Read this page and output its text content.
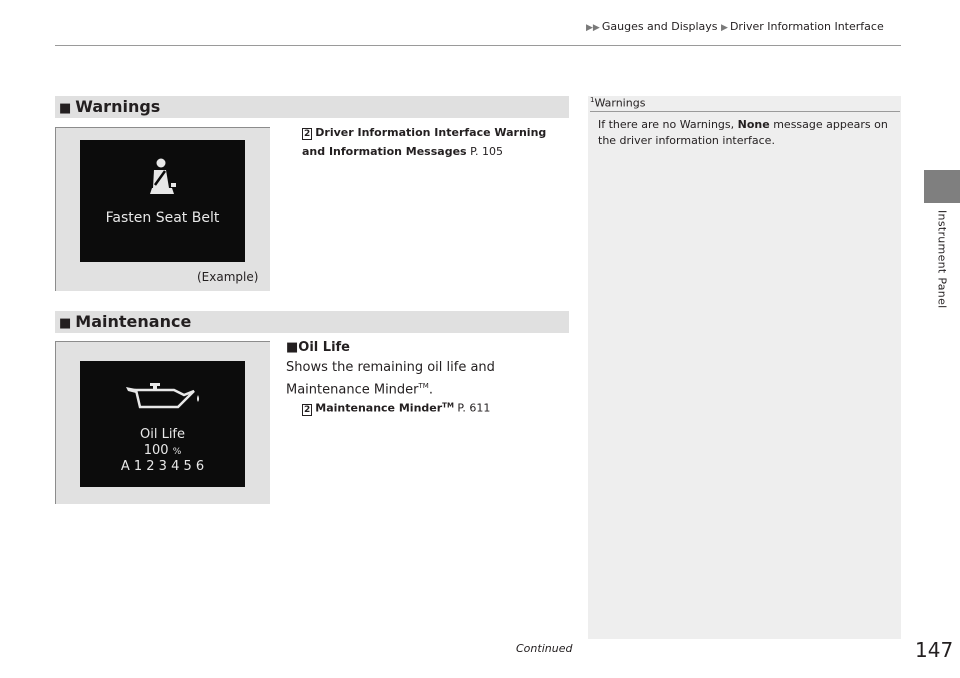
▶▶ Gauges and Displays ▶ Driver Information Interface
Instrument Panel
■ Warnings
Fasten Seat Belt
(Example)
2 Driver Information Interface Warning and Information Messages P. 105
■ Maintenance
Oil Life
100 %
A 1 2 3 4 5 6
■Oil Life
Shows the remaining oil life and Maintenance Minder™.
2 Maintenance Minder™ P. 611
$^1$Warnings
If there are no Warnings, None message appears on the driver information interface.
Continued	147
